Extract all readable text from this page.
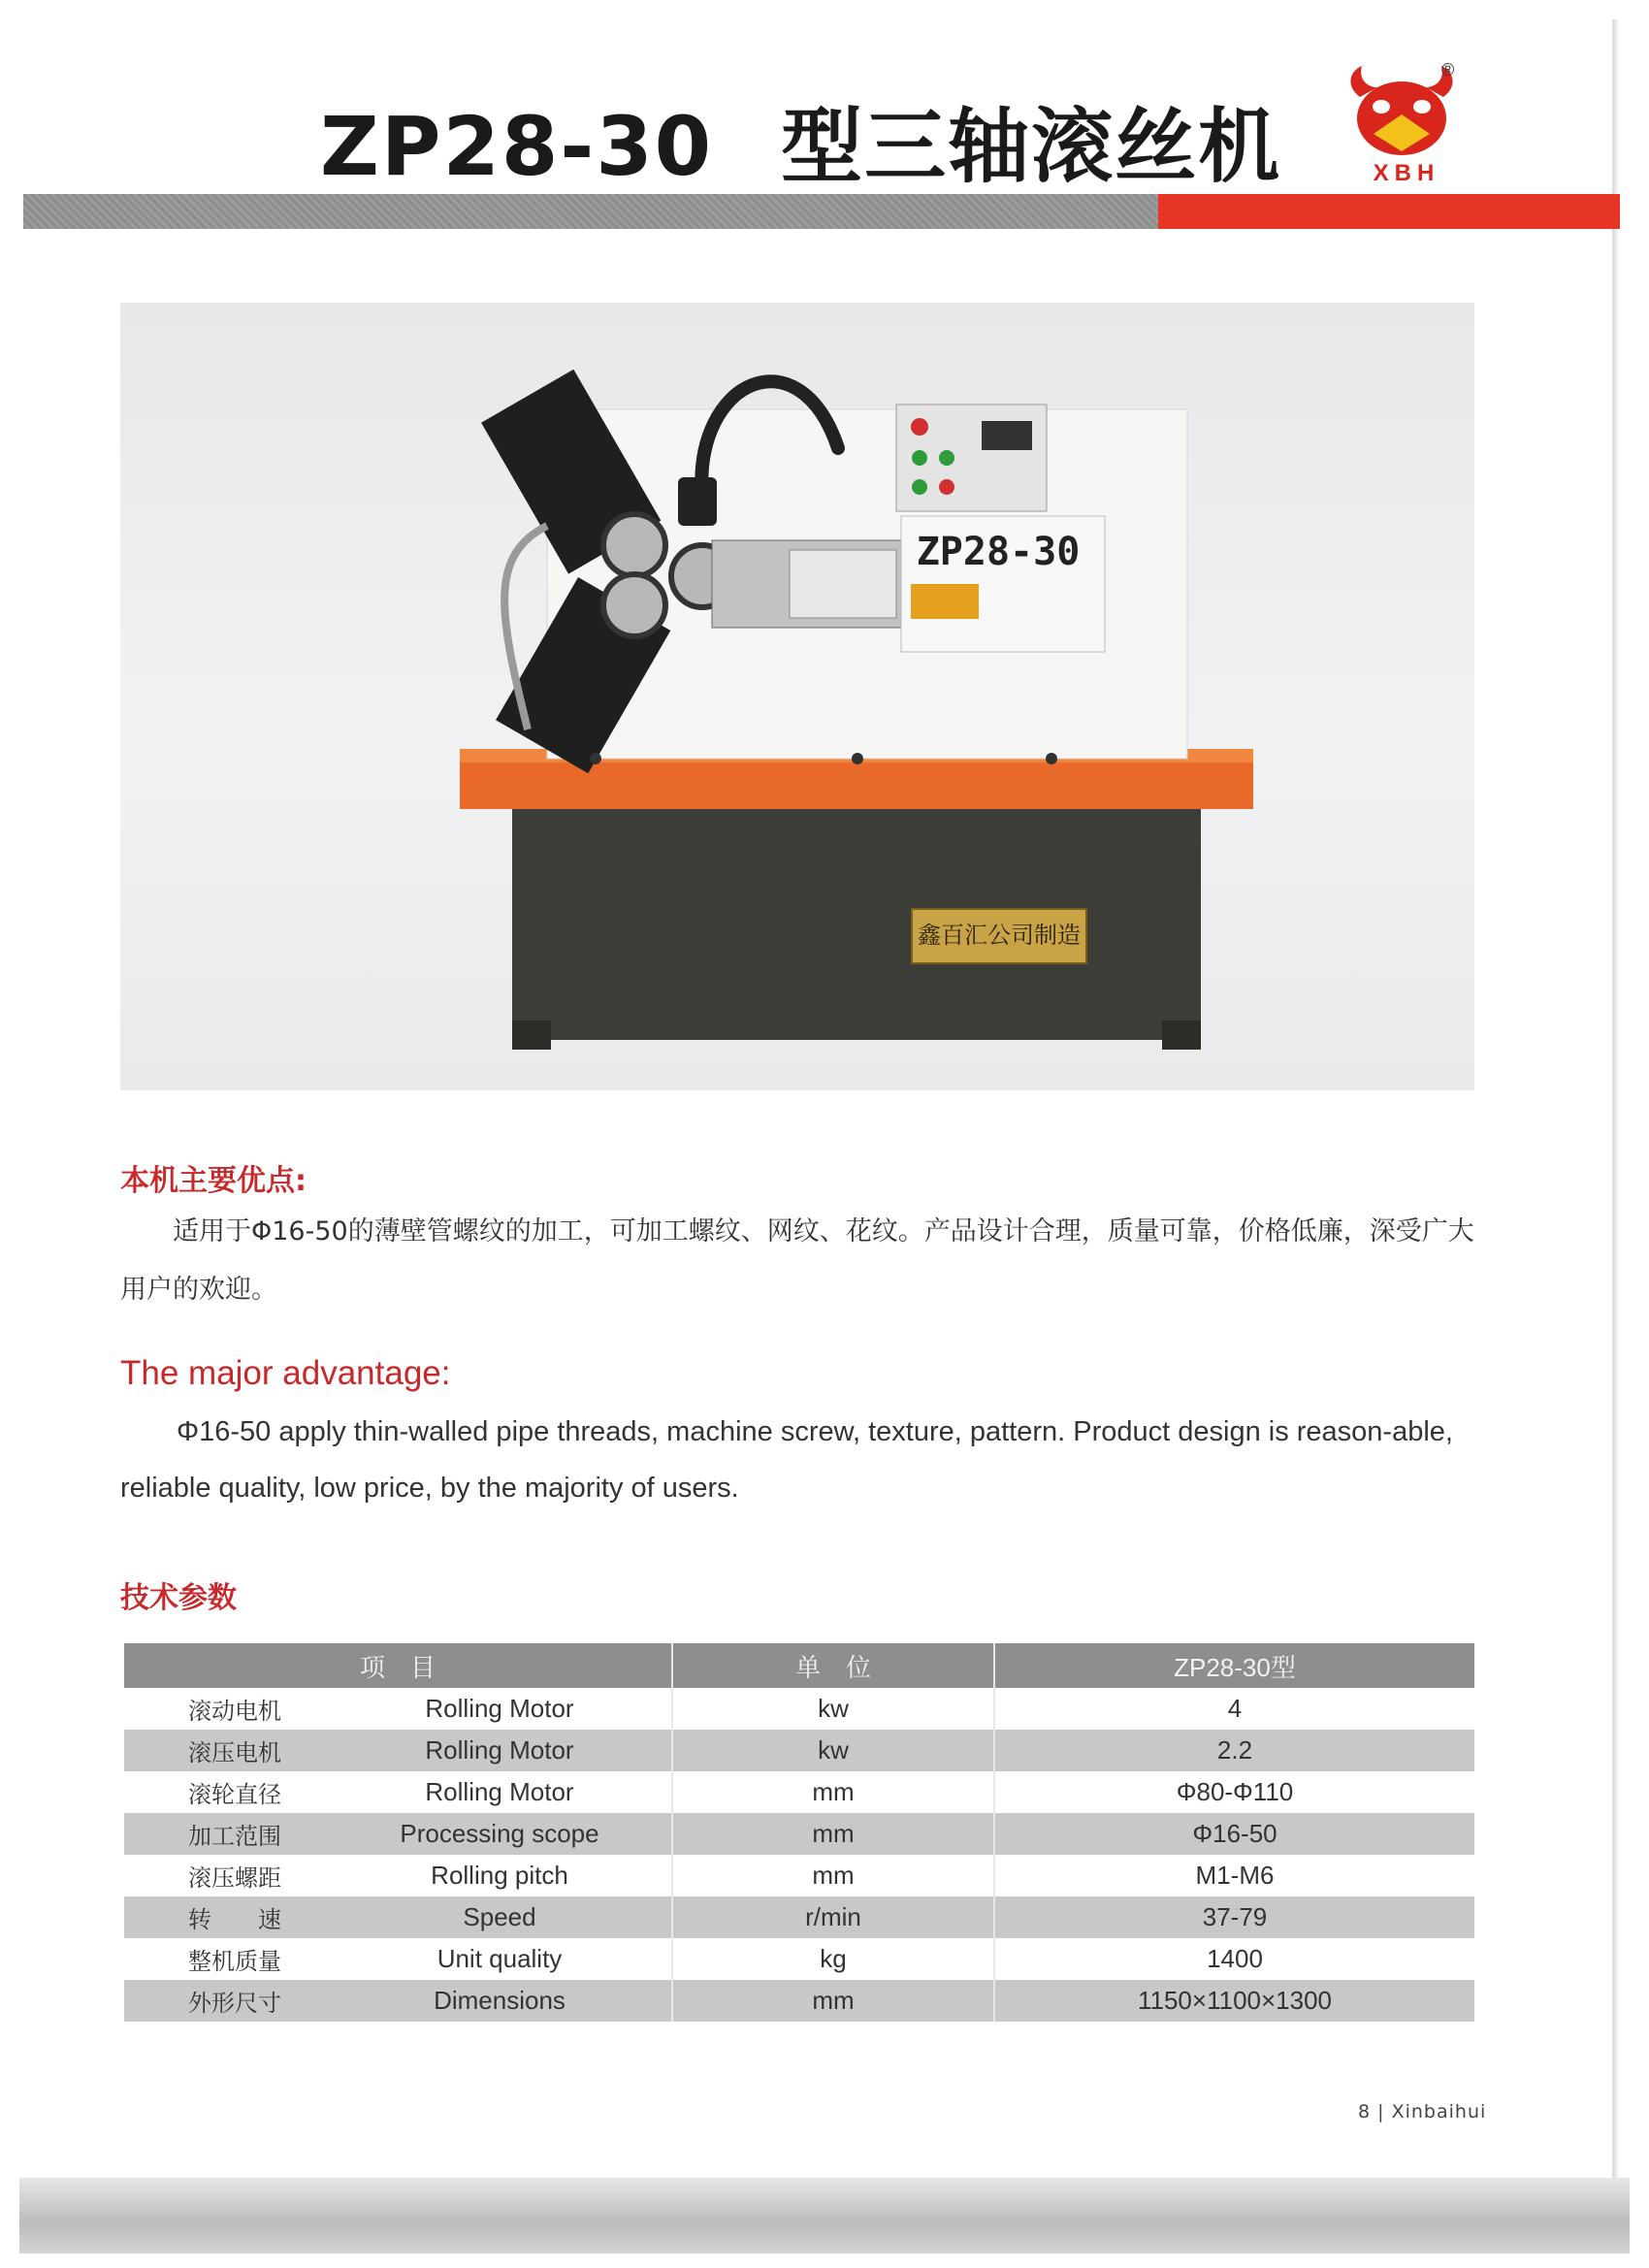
ZP28-30 型三轴滚丝机
®
XBH
鑫百汇公司制造
ZP28-30
本机主要优点:
　　适用于Φ16-50的薄壁管螺纹的加工，可加工螺纹、网纹、花纹。产品设计合理，质量可靠，价格低廉，深受广大用户的欢迎。
The major advantage:
　　Φ16-50 apply thin-walled pipe threads, machine screw, texture, pattern. Product design is reason-able, reliable quality, low price, by the majority of users.
技术参数
项　目	单　位	ZP28-30型

滚动电机 Rolling Motor	kw	4

滚压电机 Rolling Motor	kw	2.2

滚轮直径 Rolling Motor	mm	Φ80-Φ110

加工范围 Processing scope	mm	Φ16-50

滚压螺距 Rolling pitch	mm	M1-M6

转　　速 Speed	r/min	37-79

整机质量 Unit quality	kg	1400

外形尺寸 Dimensions	mm	1150×1100×1300
8 | Xinbaihui
